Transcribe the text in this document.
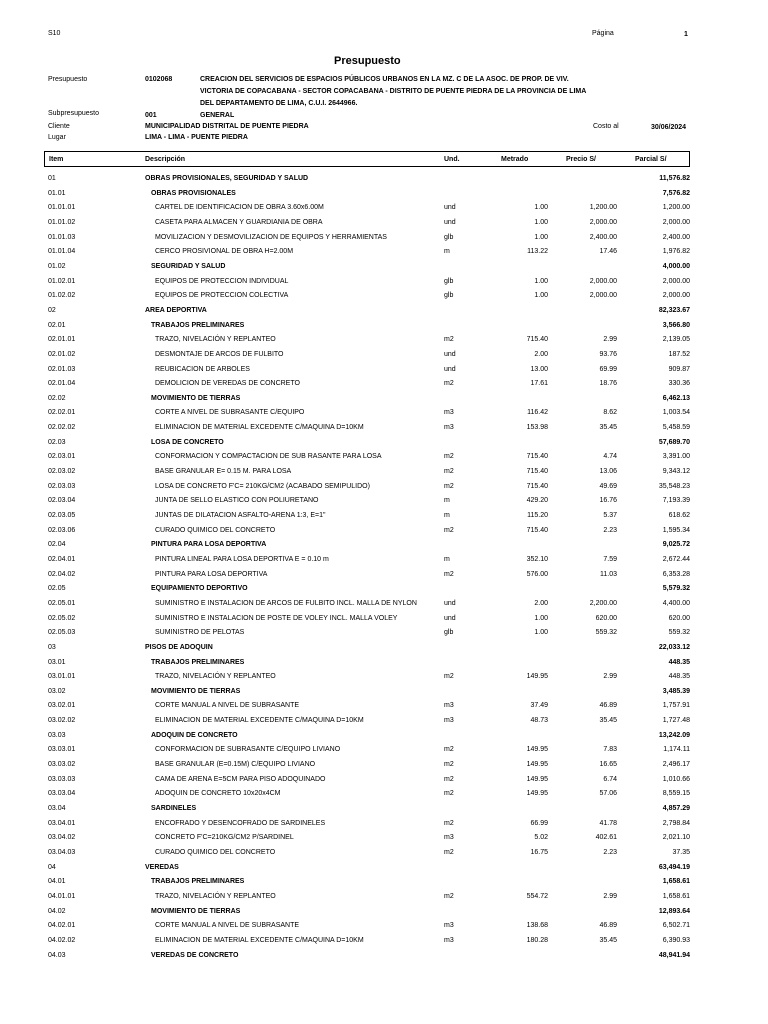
S10	Página	1
Presupuesto
Presupuesto	0102068	CREACION DEL SERVICIOS DE ESPACIOS PÚBLICOS URBANOS EN LA MZ. C DE LA ASOC. DE PROP. DE VIV.
VICTORIA DE COPACABANA - SECTOR COPACABANA - DISTRITO DE PUENTE PIEDRA DE LA PROVINCIA DE LIMA
DEL DEPARTAMENTO DE LIMA, C.U.I. 2644966.
Subpresupuesto	001	GENERAL
Cliente	MUNICIPALIDAD DISTRITAL DE PUENTE PIEDRA	Costo al	30/06/2024
Lugar	LIMA - LIMA - PUENTE PIEDRA
Item	Descripción	Und.	Metrado	Precio S/	Parcial S/
01	OBRAS PROVISIONALES, SEGURIDAD Y SALUD	11,576.82
01.01	OBRAS PROVISIONALES	7,576.82
01.01.01	CARTEL DE IDENTIFICACION DE OBRA 3.60x6.00M	und	1.00	1,200.00	1,200.00
01.01.02	CASETA PARA ALMACEN Y GUARDIANIA DE OBRA	und	1.00	2,000.00	2,000.00
01.01.03	MOVILIZACION Y DESMOVILIZACION DE EQUIPOS Y HERRAMIENTAS	glb	1.00	2,400.00	2,400.00
01.01.04	CERCO PROSIVIONAL DE OBRA H=2.00M	m	113.22	17.46	1,976.82
01.02	SEGURIDAD Y SALUD	4,000.00
01.02.01	EQUIPOS DE PROTECCION INDIVIDUAL	glb	1.00	2,000.00	2,000.00
01.02.02	EQUIPOS DE PROTECCION COLECTIVA	glb	1.00	2,000.00	2,000.00
02	AREA DEPORTIVA	82,323.67
02.01	TRABAJOS PRELIMINARES	3,566.80
02.01.01	TRAZO, NIVELACIÓN Y REPLANTEO	m2	715.40	2.99	2,139.05
02.01.02	DESMONTAJE DE ARCOS DE FULBITO	und	2.00	93.76	187.52
02.01.03	REUBICACION DE ARBOLES	und	13.00	69.99	909.87
02.01.04	DEMOLICION DE VEREDAS DE CONCRETO	m2	17.61	18.76	330.36
02.02	MOVIMIENTO DE TIERRAS	6,462.13
02.02.01	CORTE A NIVEL DE SUBRASANTE C/EQUIPO	m3	116.42	8.62	1,003.54
02.02.02	ELIMINACION DE MATERIAL EXCEDENTE C/MAQUINA D=10KM	m3	153.98	35.45	5,458.59
02.03	LOSA DE CONCRETO	57,689.70
02.03.01	CONFORMACION Y COMPACTACION DE SUB RASANTE PARA LOSA	m2	715.40	4.74	3,391.00
02.03.02	BASE GRANULAR E= 0.15 M. PARA LOSA	m2	715.40	13.06	9,343.12
02.03.03	LOSA DE CONCRETO F'C= 210KG/CM2 (ACABADO SEMIPULIDO)	m2	715.40	49.69	35,548.23
02.03.04	JUNTA DE SELLO ELASTICO CON POLIURETANO	m	429.20	16.76	7,193.39
02.03.05	JUNTAS DE DILATACION ASFALTO-ARENA 1:3, E=1"	m	115.20	5.37	618.62
02.03.06	CURADO QUIMICO DEL CONCRETO	m2	715.40	2.23	1,595.34
02.04	PINTURA PARA LOSA DEPORTIVA	9,025.72
02.04.01	PINTURA LINEAL PARA LOSA DEPORTIVA E = 0.10 m	m	352.10	7.59	2,672.44
02.04.02	PINTURA PARA LOSA DEPORTIVA	m2	576.00	11.03	6,353.28
02.05	EQUIPAMIENTO DEPORTIVO	5,579.32
02.05.01	SUMINISTRO E INSTALACION DE ARCOS DE FULBITO INCL. MALLA DE NYLON	und	2.00	2,200.00	4,400.00
02.05.02	SUMINISTRO E INSTALACION DE POSTE DE VOLEY INCL. MALLA VOLEY	und	1.00	620.00	620.00
02.05.03	SUMINISTRO DE PELOTAS	glb	1.00	559.32	559.32
03	PISOS DE ADOQUIN	22,033.12
03.01	TRABAJOS PRELIMINARES	448.35
03.01.01	TRAZO, NIVELACIÓN Y REPLANTEO	m2	149.95	2.99	448.35
03.02	MOVIMIENTO DE TIERRAS	3,485.39
03.02.01	CORTE MANUAL A NIVEL DE SUBRASANTE	m3	37.49	46.89	1,757.91
03.02.02	ELIMINACION DE MATERIAL EXCEDENTE C/MAQUINA D=10KM	m3	48.73	35.45	1,727.48
03.03	ADOQUIN DE CONCRETO	13,242.09
03.03.01	CONFORMACION DE SUBRASANTE C/EQUIPO LIVIANO	m2	149.95	7.83	1,174.11
03.03.02	BASE GRANULAR (E=0.15M) C/EQUIPO LIVIANO	m2	149.95	16.65	2,496.17
03.03.03	CAMA DE ARENA E=5CM PARA PISO ADOQUINADO	m2	149.95	6.74	1,010.66
03.03.04	ADOQUIN DE CONCRETO 10x20x4CM	m2	149.95	57.06	8,559.15
03.04	SARDINELES	4,857.29
03.04.01	ENCOFRADO Y DESENCOFRADO DE SARDINELES	m2	66.99	41.78	2,798.84
03.04.02	CONCRETO F'C=210KG/CM2 P/SARDINEL	m3	5.02	402.61	2,021.10
03.04.03	CURADO QUIMICO DEL CONCRETO	m2	16.75	2.23	37.35
04	VEREDAS	63,494.19
04.01	TRABAJOS PRELIMINARES	1,658.61
04.01.01	TRAZO, NIVELACIÓN Y REPLANTEO	m2	554.72	2.99	1,658.61
04.02	MOVIMIENTO DE TIERRAS	12,893.64
04.02.01	CORTE MANUAL A NIVEL DE SUBRASANTE	m3	138.68	46.89	6,502.71
04.02.02	ELIMINACION DE MATERIAL EXCEDENTE C/MAQUINA D=10KM	m3	180.28	35.45	6,390.93
04.03	VEREDAS DE CONCRETO	48,941.94
